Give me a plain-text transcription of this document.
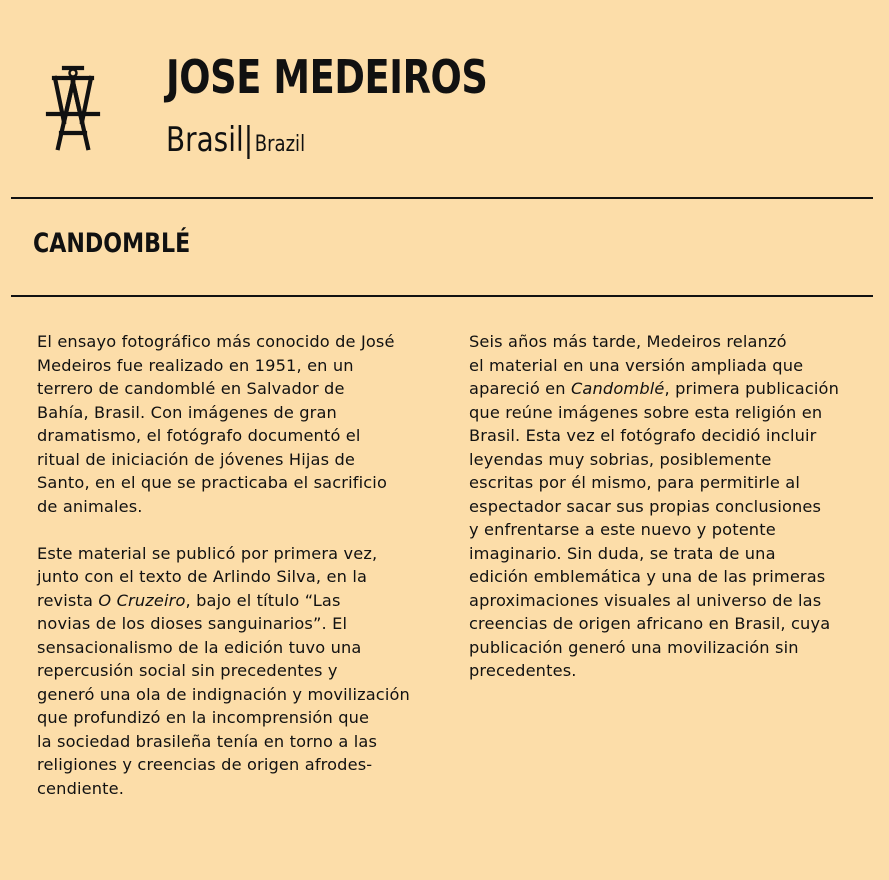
JOSE MEDEIROS
Brasil|Brazil
CANDOMBLÉ

El ensayo fotográfico más conocido de José

Medeiros fue realizado en 1951, en un

terrero de candomblé en Salvador de

Bahía, Brasil. Con imágenes de gran

dramatismo, el fotógrafo documentó el

ritual de iniciación de jóvenes Hijas de

Santo, en el que se practicaba el sacrificio

de animales.

Este material se publicó por primera vez,

junto con el texto de Arlindo Silva, en la

revista O Cruzeiro, bajo el título “Las

novias de los dioses sanguinarios”. El

sensacionalismo de la edición tuvo una

repercusión social sin precedentes y

generó una ola de indignación y movilización

que profundizó en la incomprensión que

la sociedad brasileña tenía en torno a las

religiones y creencias de origen afrodes-

cendiente.

Seis años más tarde, Medeiros relanzó

el material en una versión ampliada que

apareció en Candomblé, primera publicación

que reúne imágenes sobre esta religión en

Brasil. Esta vez el fotógrafo decidió incluir

leyendas muy sobrias, posiblemente

escritas por él mismo, para permitirle al

espectador sacar sus propias conclusiones

y enfrentarse a este nuevo y potente

imaginario. Sin duda, se trata de una

edición emblemática y una de las primeras

aproximaciones visuales al universo de las

creencias de origen africano en Brasil, cuya

publicación generó una movilización sin

precedentes.
